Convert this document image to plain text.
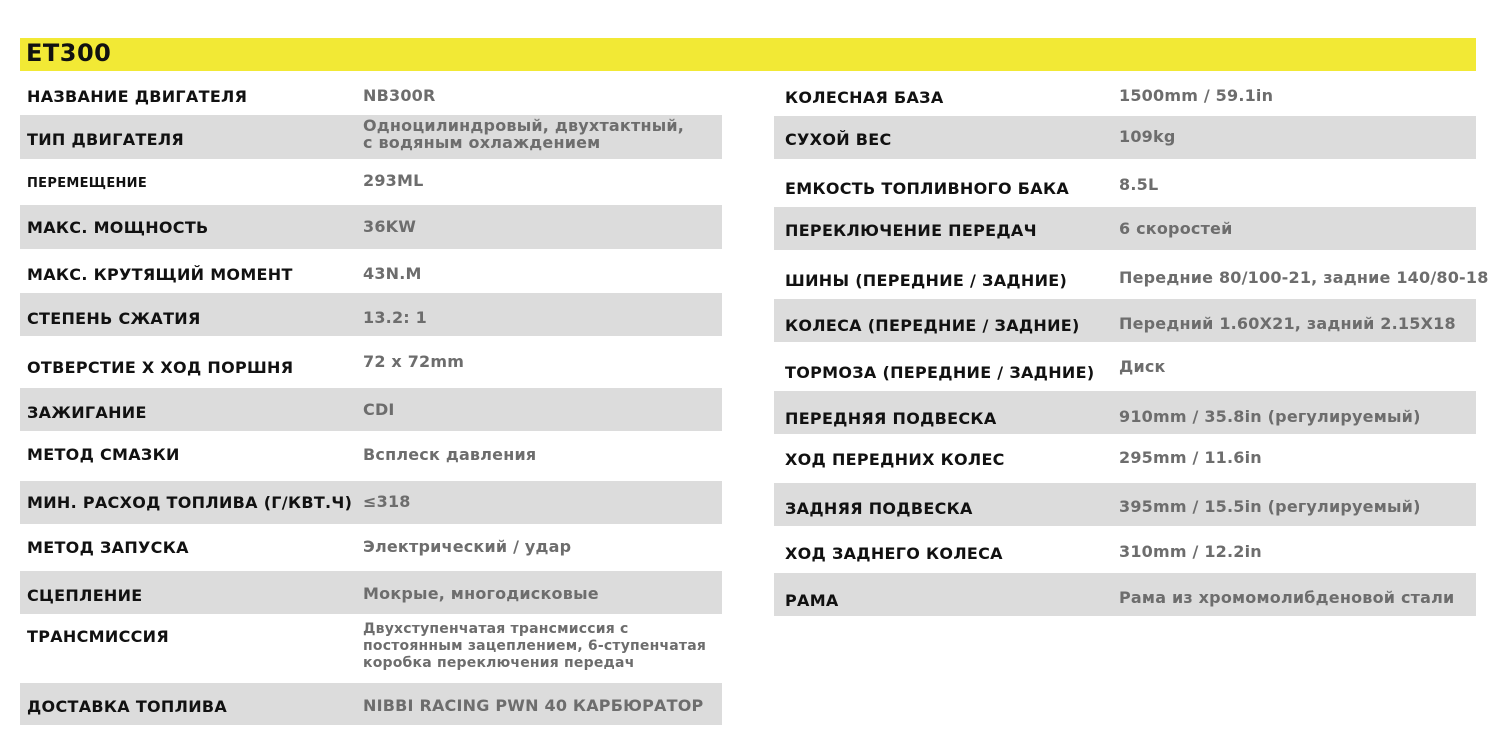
ET300
НАЗВАНИЕ ДВИГАТЕЛЯ	NB300R
ТИП ДВИГАТЕЛЯ
Одноцилиндровый, двухтактный,
с водяным охлаждением
ПЕРЕМЕЩЕНИЕ	293ML
МАКС. МОЩНОСТЬ	36KW
МАКС. КРУТЯЩИЙ МОМЕНТ	43N.M
СТЕПЕНЬ СЖАТИЯ	13.2: 1
ОТВЕРСТИЕ Х ХОД ПОРШНЯ	72 x 72mm
ЗАЖИГАНИЕ	CDI
МЕТОД СМАЗКИ	Всплеск давления
МИН. РАСХОД ТОПЛИВА (Г/КВТ.Ч) ≤318
МЕТОД ЗАПУСКА	Электрический / удар
СЦЕПЛЕНИЕ	Мокрые, многодисковые
ТРАНСМИССИЯ	Двухступенчатая трансмиссия с
постоянным зацеплением, 6-ступенчатая
коробка переключения передач
ДОСТАВКА ТОПЛИВА	NIBBI RACING PWN 40 КАРБЮРАТОР
КОЛЕСНАЯ БАЗА	1500mm / 59.1in
СУХОЙ ВЕС	109kg
ЕМКОСТЬ ТОПЛИВНОГО БАКА	8.5L
ПЕРЕКЛЮЧЕНИЕ ПЕРЕДАЧ	6 скоростей
ШИНЫ (ПЕРЕДНИЕ / ЗАДНИЕ)	Передние 80/100-21, задние 140/80-18
КОЛЕСА (ПЕРЕДНИЕ / ЗАДНИЕ) Передний 1.60X21, задний 2.15X18
ТОРМОЗА (ПЕРЕДНИЕ / ЗАДНИЕ) Диск
ПЕРЕДНЯЯ ПОДВЕСКА	910mm / 35.8in (регулируемый)
ХОД ПЕРЕДНИХ КОЛЕС	295mm / 11.6in
ЗАДНЯЯ ПОДВЕСКА	395mm / 15.5in (регулируемый)
ХОД ЗАДНЕГО КОЛЕСА	310mm / 12.2in
РАМА	Рама из хромомолибденовой стали
